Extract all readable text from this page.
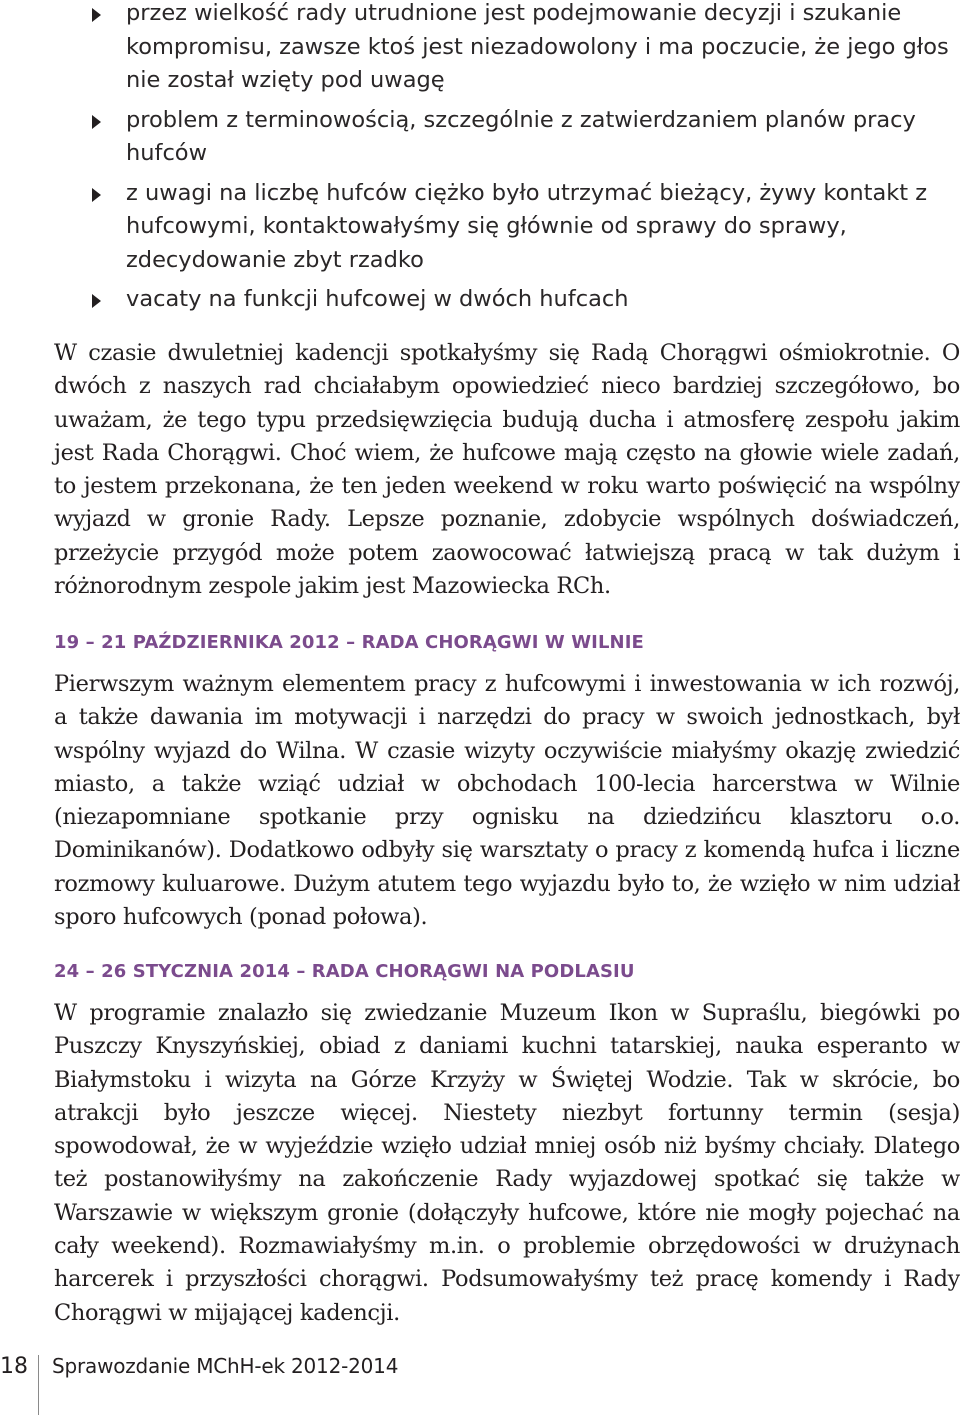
przez wielkość rady utrudnione jest podejmowanie decyzji i szukanie kompromisu, zawsze ktoś jest niezadowolony i ma poczucie, że jego głos nie został wzięty pod uwagę
problem z terminowością, szczególnie z zatwierdzaniem planów pracy hufców
z uwagi na liczbę hufców ciężko było utrzymać bieżący, żywy kontakt z hufcowymi, kontaktowałyśmy się głównie od sprawy do sprawy, zdecydowanie zbyt rzadko
vacaty na funkcji hufcowej w dwóch hufcach

W czasie dwuletniej kadencji spotkałyśmy się Radą Chorągwi ośmiokrotnie. O dwóch z naszych rad chciałabym opowiedzieć nieco bardziej szczegółowo, bo uważam, że tego typu przedsięwzięcia budują ducha i atmosferę zespołu jakim jest Rada Chorągwi. Choć wiem, że hufcowe mają często na głowie wiele zadań, to jestem przekonana, że ten jeden weekend w roku warto poświęcić na wspólny wyjazd w gronie Rady. Lepsze poznanie, zdobycie wspólnych doświadczeń, przeżycie przygód może potem zaowocować łatwiejszą pracą w tak dużym i różnorodnym zespole jakim jest Mazowiecka RCh.

19 – 21 PAŹDZIERNIKA 2012 – RADA CHORĄGWI W WILNIE

Pierwszym ważnym elementem pracy z hufcowymi i inwestowania w ich rozwój, a także dawania im motywacji i narzędzi do pracy w swoich jednostkach, był wspólny wyjazd do Wilna. W czasie wizyty oczywiście miałyśmy okazję zwiedzić miasto, a także wziąć udział w obchodach 100-lecia harcerstwa w Wilnie (niezapomniane spotkanie przy ognisku na dziedzińcu klasztoru o.o. Dominikanów). Dodatkowo odbyły się warsztaty o pracy z komendą hufca i liczne rozmowy kuluarowe. Dużym atutem tego wyjazdu było to, że wzięło w nim udział sporo hufcowych (ponad połowa).

24 – 26 STYCZNIA 2014 – RADA CHORĄGWI NA PODLASIU

W programie znalazło się zwiedzanie Muzeum Ikon w Supraślu, biegówki po Puszczy Knyszyńskiej, obiad z daniami kuchni tatarskiej, nauka esperanto w Białymstoku i wizyta na Górze Krzyży w Świętej Wodzie. Tak w skrócie, bo atrakcji było jeszcze więcej. Niestety niezbyt fortunny termin (sesja) spowodował, że w wyjeździe wzięło udział mniej osób niż byśmy chciały. Dlatego też postanowiłyśmy na zakończenie Rady wyjazdowej spotkać się także w Warszawie w większym gronie (dołączyły hufcowe, które nie mogły pojechać na cały weekend). Rozmawiałyśmy m.in. o problemie obrzędowości w drużynach harcerek i przyszłości chorągwi. Podsumowałyśmy też pracę komendy i Rady Chorągwi w mijającej kadencji.

18 Sprawozdanie MChH-ek 2012-2014
